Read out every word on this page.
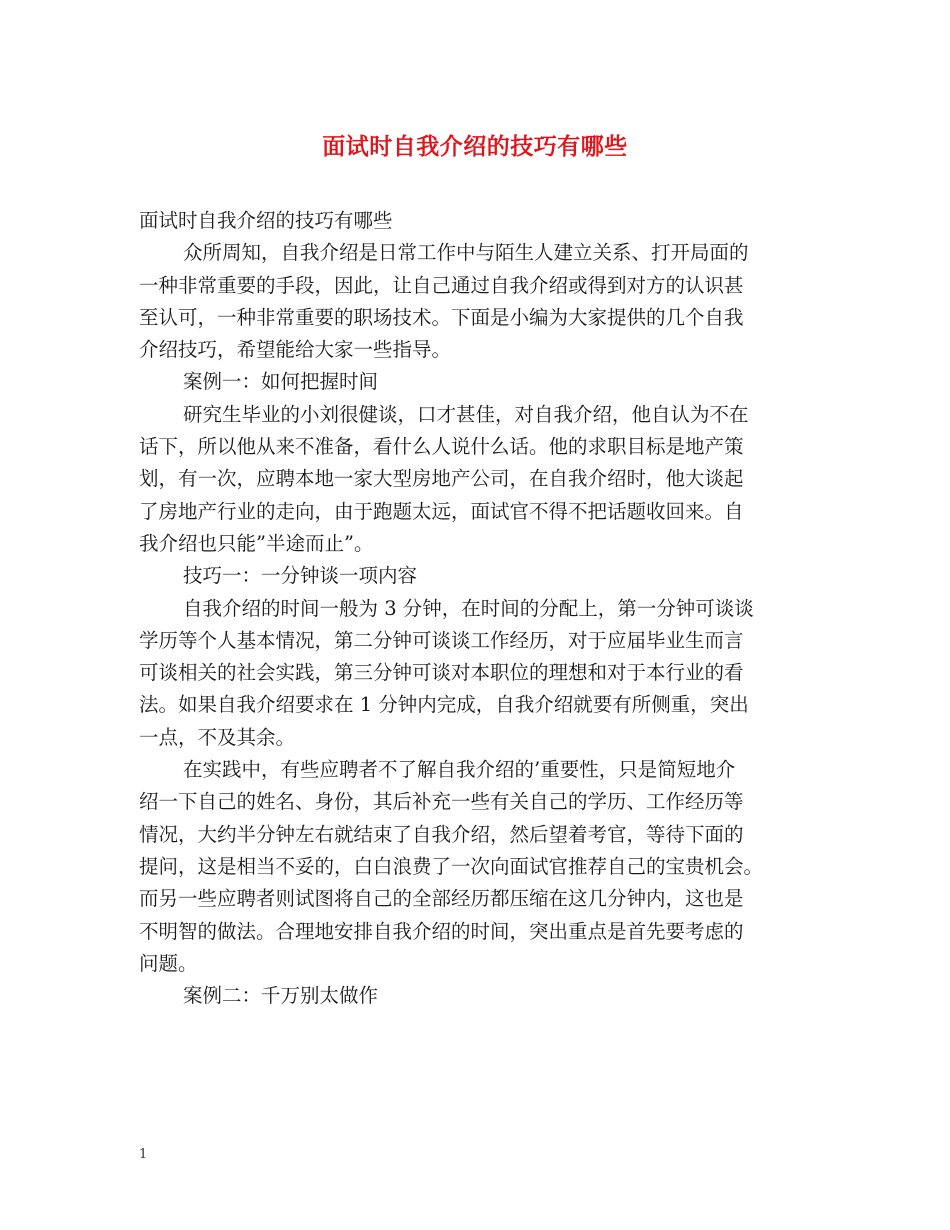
面试时自我介绍的技巧有哪些
面试时自我介绍的技巧有哪些
众所周知，自我介绍是日常工作中与陌生人建立关系、打开局面的
一种非常重要的手段，因此，让自己通过自我介绍或得到对方的认识甚
至认可，一种非常重要的职场技术。下面是小编为大家提供的几个自我
介绍技巧，希望能给大家一些指导。
案例一：如何把握时间
研究生毕业的小刘很健谈，口才甚佳，对自我介绍，他自认为不在
话下，所以他从来不准备，看什么人说什么话。他的求职目标是地产策
划，有一次，应聘本地一家大型房地产公司，在自我介绍时，他大谈起
了房地产行业的走向，由于跑题太远，面试官不得不把话题收回来。自
我介绍也只能”半途而止”。
技巧一：一分钟谈一项内容
自我介绍的时间一般为 3 分钟，在时间的分配上，第一分钟可谈谈
学历等个人基本情况，第二分钟可谈谈工作经历，对于应届毕业生而言
可谈相关的社会实践，第三分钟可谈对本职位的理想和对于本行业的看
法。如果自我介绍要求在 1 分钟内完成，自我介绍就要有所侧重，突出
一点，不及其余。
在实践中，有些应聘者不了解自我介绍的’重要性，只是简短地介
绍一下自己的姓名、身份，其后补充一些有关自己的学历、工作经历等
情况，大约半分钟左右就结束了自我介绍，然后望着考官，等待下面的
提问，这是相当不妥的，白白浪费了一次向面试官推荐自己的宝贵机会。
而另一些应聘者则试图将自己的全部经历都压缩在这几分钟内，这也是
不明智的做法。合理地安排自我介绍的时间，突出重点是首先要考虑的
问题。
案例二：千万别太做作
1
